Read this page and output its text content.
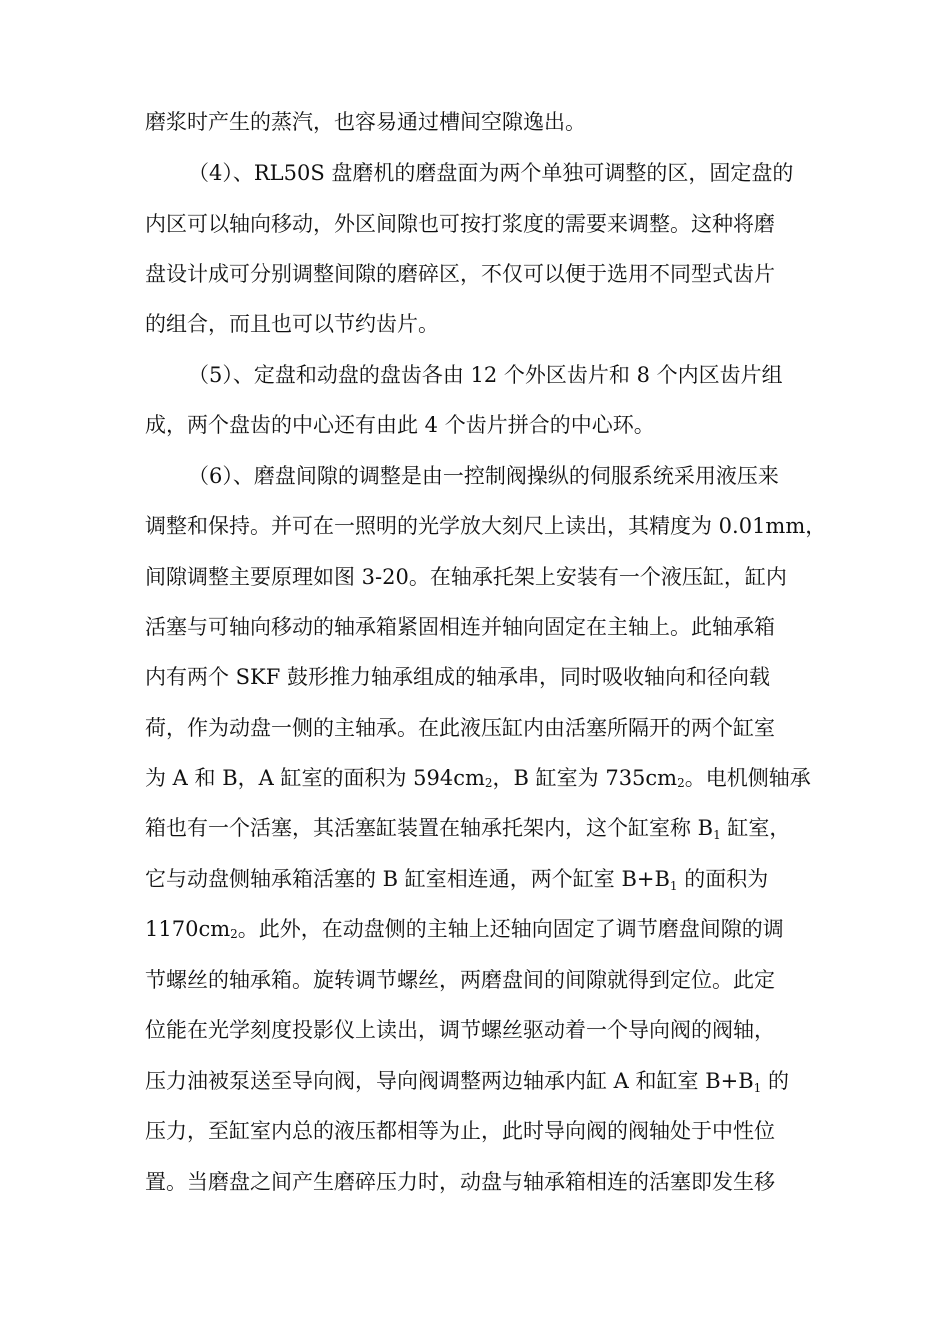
磨浆时产生的蒸汽，也容易通过槽间空隙逸出。
（4）、RL50S 盘磨机的磨盘面为两个单独可调整的区，固定盘的
内区可以轴向移动，外区间隙也可按打浆度的需要来调整。这种将磨
盘设计成可分别调整间隙的磨碎区，不仅可以便于选用不同型式齿片
的组合，而且也可以节约齿片。
（5）、定盘和动盘的盘齿各由 12 个外区齿片和 8 个内区齿片组
成，两个盘齿的中心还有由此 4 个齿片拼合的中心环。
（6）、磨盘间隙的调整是由一控制阀操纵的伺服系统采用液压来
调整和保持。并可在一照明的光学放大刻尺上读出，其精度为 0.01mm，
间隙调整主要原理如图 3-20。在轴承托架上安装有一个液压缸，缸内
活塞与可轴向移动的轴承箱紧固相连并轴向固定在主轴上。此轴承箱
内有两个 SKF 鼓形推力轴承组成的轴承串，同时吸收轴向和径向载
荷，作为动盘一侧的主轴承。在此液压缸内由活塞所隔开的两个缸室
为 A 和 B，A 缸室的面积为 594cm2，B 缸室为 735cm2。电机侧轴承
箱也有一个活塞，其活塞缸装置在轴承托架内，这个缸室称 B1 缸室，
它与动盘侧轴承箱活塞的 B 缸室相连通，两个缸室 B+B1 的面积为
1170cm2。此外，在动盘侧的主轴上还轴向固定了调节磨盘间隙的调
节螺丝的轴承箱。旋转调节螺丝，两磨盘间的间隙就得到定位。此定
位能在光学刻度投影仪上读出，调节螺丝驱动着一个导向阀的阀轴，
压力油被泵送至导向阀，导向阀调整两边轴承内缸 A 和缸室 B+B1 的
压力，至缸室内总的液压都相等为止，此时导向阀的阀轴处于中性位
置。当磨盘之间产生磨碎压力时，动盘与轴承箱相连的活塞即发生移
